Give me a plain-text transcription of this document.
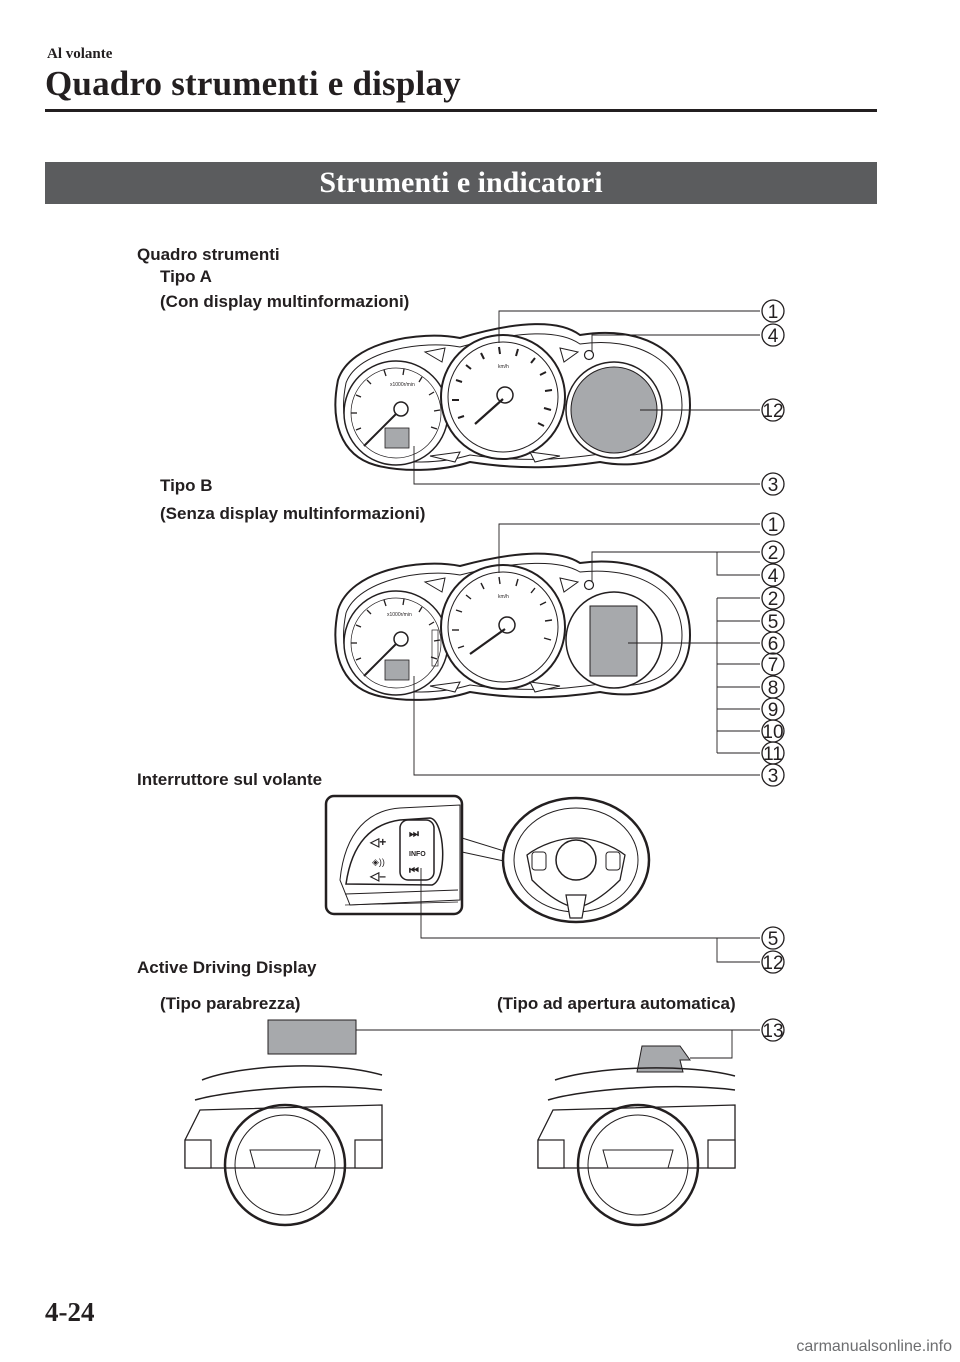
Al volante
Quadro strumenti e display
Strumenti e indicatori
Quadro strumenti
Tipo A
(Con display multinformazioni)
Tipo B
(Senza display multinformazioni)
Interruttore sul volante
Active Driving Display
(Tipo parabrezza)	(Tipo ad apertura automatica)
x1000r/min
km/h
x1000r/min
km/h
⏭
INFO
⏮
◁+
◈))
◁–
1
4
12
3
1
2
4
2
5
6
7
8
9
10
11
3
5
12
13
4-24
carmanualsonline.info
